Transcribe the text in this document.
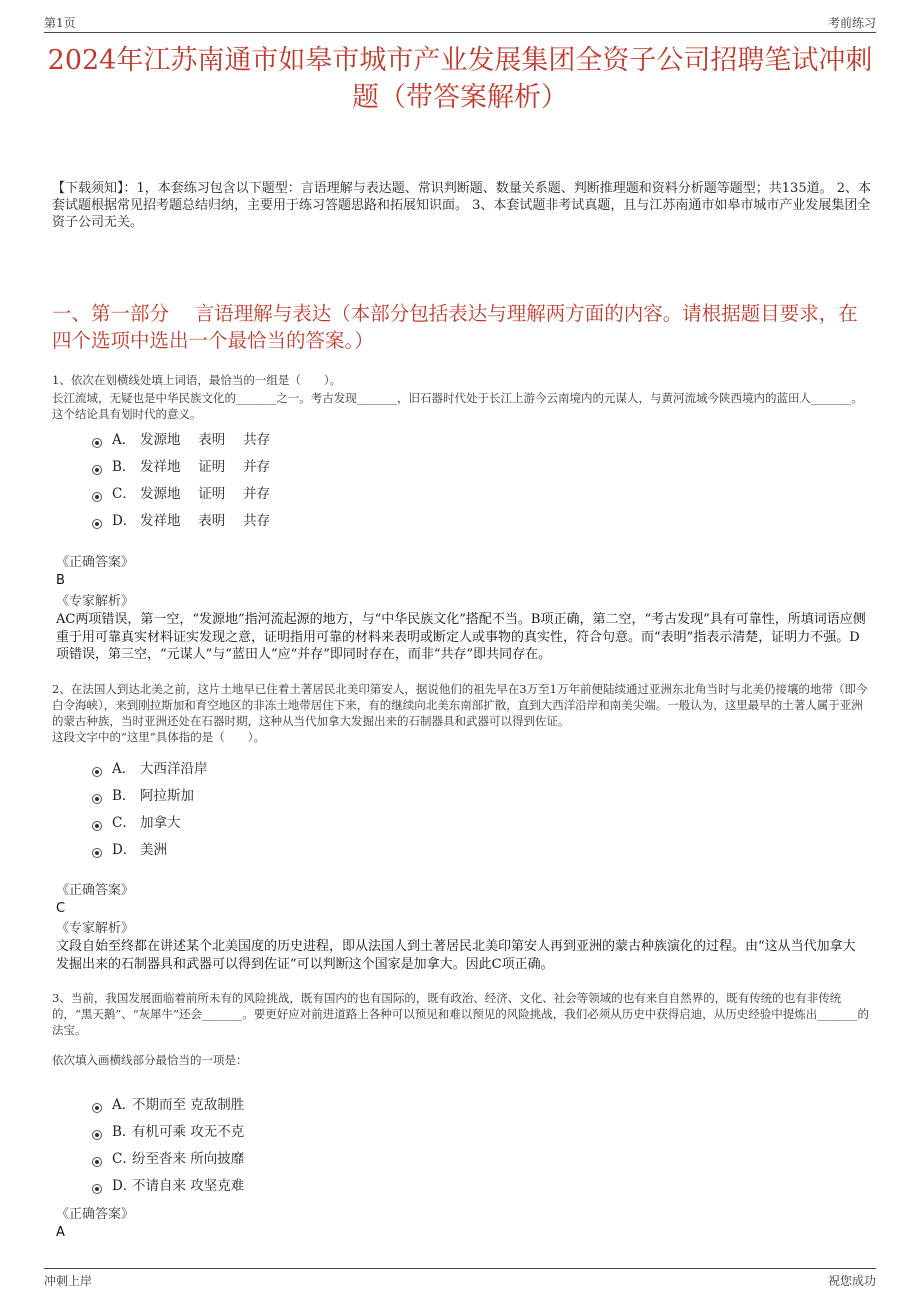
第1页	考前练习
2024年江苏南通市如皋市城市产业发展集团全资子公司招聘笔试冲刺题（带答案解析）
【下载须知】：1，本套练习包含以下题型：言语理解与表达题、常识判断题、数量关系题、判断推理题和资料分析题等题型；共135道。 2、本套试题根据常见招考题总结归纳，主要用于练习答题思路和拓展知识面。 3、本套试题非考试真题，且与江苏南通市如皋市城市产业发展集团全资子公司无关。
一、第一部分　 言语理解与表达（本部分包括表达与理解两方面的内容。请根据题目要求，在四个选项中选出一个最恰当的答案。）
1、依次在划横线处填上词语，最恰当的一组是（　　）。
长江流域，无疑也是中华民族文化的_______之一。考古发现_______，旧石器时代处于长江上游今云南境内的元谋人，与黄河流域今陕西境内的蓝田人_______。这个结论具有划时代的意义。
A． 发源地　 表明　 共存
B． 发祥地　 证明　 并存
C． 发源地　 证明　 并存
D． 发祥地　 表明　 共存
《正确答案》
B
《专家解析》
AC两项错误，第一空，“发源地”指河流起源的地方，与“中华民族文化”搭配不当。B项正确，第二空，“考古发现”具有可靠性，所填词语应侧重于用可靠真实材料证实发现之意，证明指用可靠的材料来表明或断定人或事物的真实性，符合句意。而“表明”指表示清楚，证明力不强。D项错误，第三空，“元谋人”与“蓝田人”应“并存”即同时存在，而非“共存”即共同存在。
2、在法国人到达北美之前，这片土地早已住着土著居民北美印第安人，据说他们的祖先早在3万至1万年前便陆续通过亚洲东北角当时与北美仍接壤的地带（即今白令海峡），来到刚拉斯加和育空地区的非冻土地带居住下来，有的继续向北美东南部扩散，直到大西洋沿岸和南美尖端。一般认为，这里最早的土著人属于亚洲的蒙古种族，当时亚洲还处在石器时期，这种从当代加拿大发掘出来的石制器具和武器可以得到佐证。
这段文字中的“这里”具体指的是（　　）。
A． 大西洋沿岸
B． 阿拉斯加
C． 加拿大
D． 美洲
《正确答案》
C
《专家解析》
文段自始至终都在讲述某个北美国度的历史进程，即从法国人到土著居民北美印第安人再到亚洲的蒙古种族演化的过程。由“这从当代加拿大发掘出来的石制器具和武器可以得到佐证”可以判断这个国家是加拿大。因此C项正确。
3、当前，我国发展面临着前所未有的风险挑战，既有国内的也有国际的，既有政治、经济、文化、社会等领域的也有来自自然界的，既有传统的也有非传统的，“黑天鹅”、“灰犀牛”还会_______。要更好应对前进道路上各种可以预见和难以预见的风险挑战，我们必须从历史中获得启迪，从历史经验中提炼出_______的法宝。
依次填入画横线部分最恰当的一项是：
A．
不期而至 克敌制胜
B．
有机可乘 攻无不克
C．
纷至沓来 所向披靡
D．
不请自来 攻坚克难
《正确答案》
A
冲刺上岸	祝您成功
